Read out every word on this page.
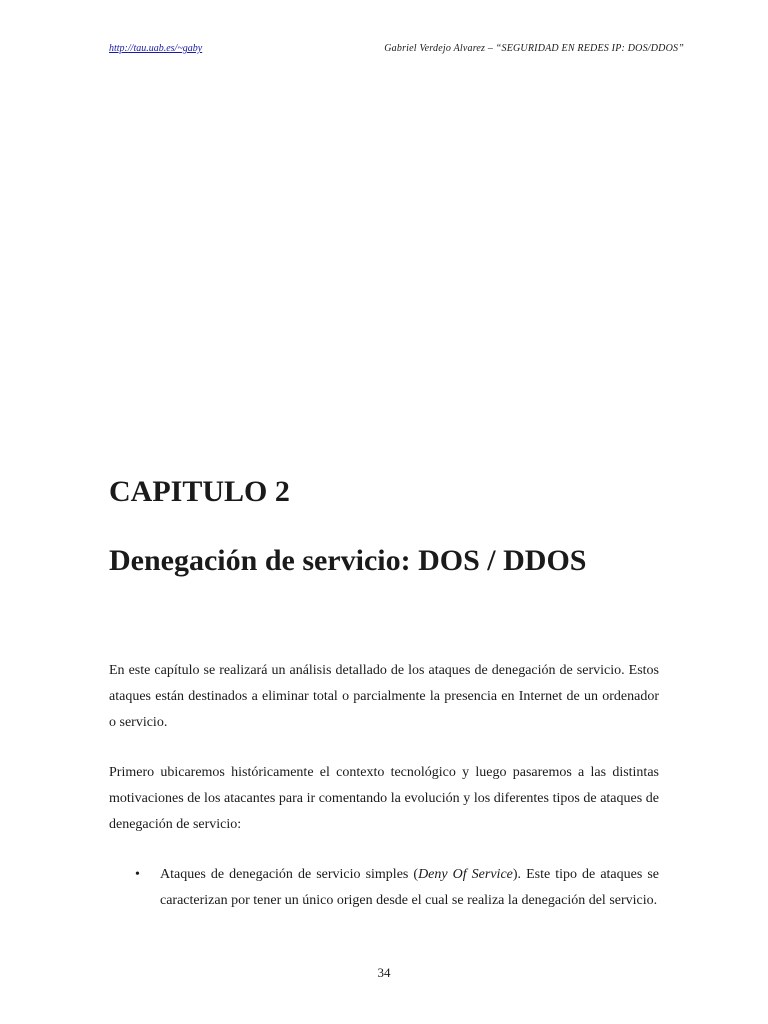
http://tau.uab.es/~gaby	Gabriel Verdejo Alvarez – “SEGURIDAD EN REDES IP: DOS/DDOS”
CAPITULO 2
Denegación de servicio: DOS / DDOS

En este capítulo se realizará un análisis detallado de los ataques de denegación de servicio. Estos ataques están destinados a eliminar total o parcialmente la presencia en Internet de un ordenador o servicio.

Primero ubicaremos históricamente el contexto tecnológico y luego pasaremos a las distintas motivaciones de los atacantes para ir comentando la evolución y los diferentes tipos de ataques de denegación de servicio:

• Ataques de denegación de servicio simples (Deny Of Service). Este tipo de ataques se caracterizan por tener un único origen desde el cual se realiza la denegación del servicio.

34
